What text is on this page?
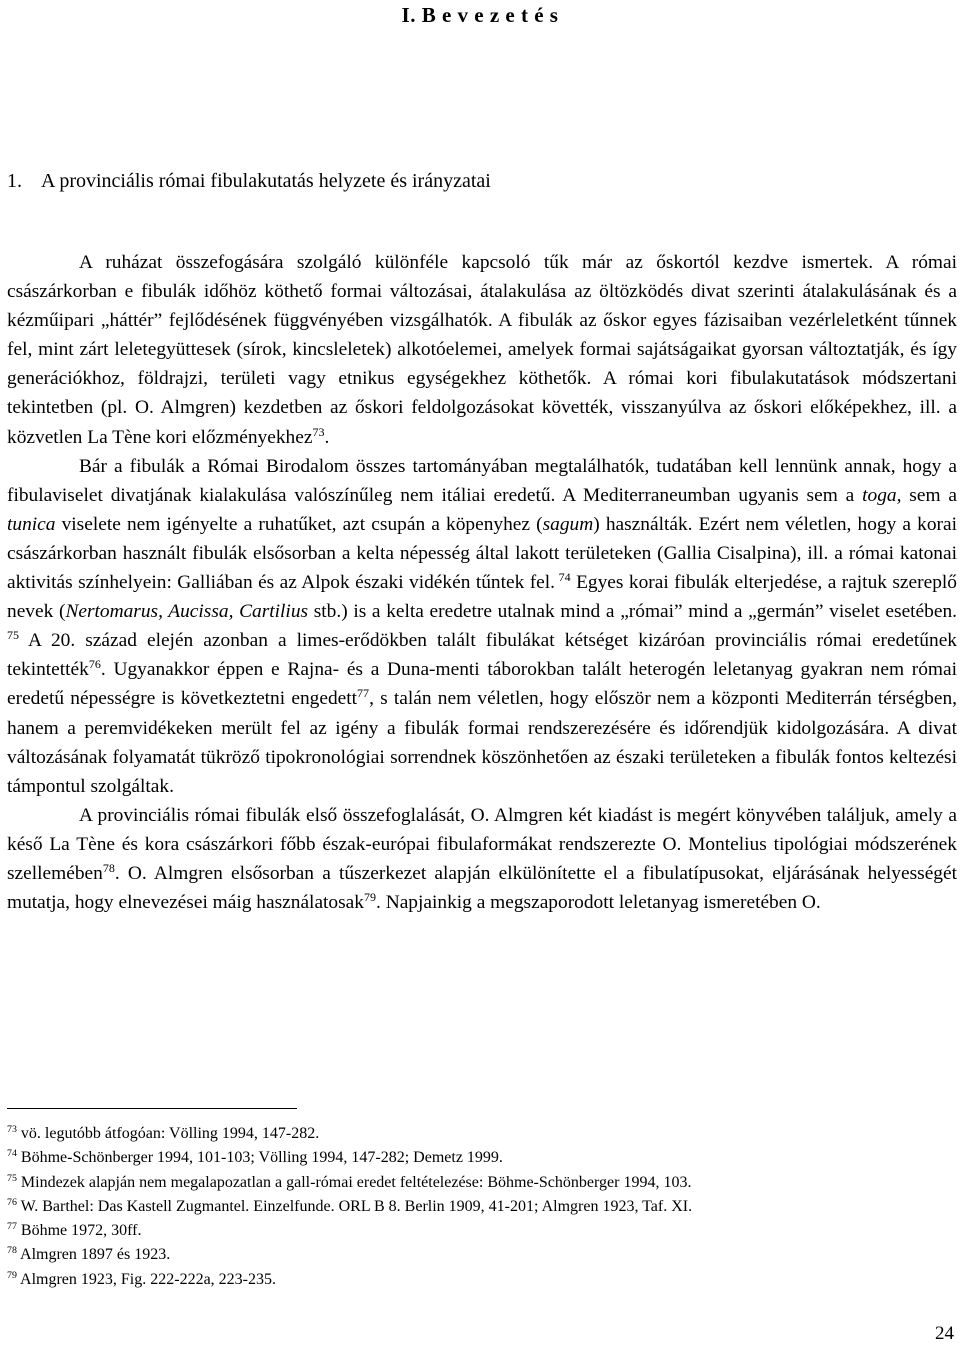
I. B e v e z e t é s
1. A provinciális római fibulakutatás helyzete és irányzatai

A ruházat összefogására szolgáló különféle kapcsoló tűk már az őskortól kezdve ismertek. A római császárkorban e fibulák időhöz köthető formai változásai, átalakulása az öltözködés divat szerinti átalakulásának és a kézműipari „háttér” fejlődésének függvényében vizsgálhatók. A fibulák az őskor egyes fázisaiban vezérleletként tűnnek fel, mint zárt leletegyüttesek (sírok, kincsleletek) alkotóelemei, amelyek formai sajátságaikat gyorsan változtatják, és így generációkhoz, földrajzi, területi vagy etnikus egységekhez köthetők. A római kori fibulakutatások módszertani tekintetben (pl. O. Almgren) kezdetben az őskori feldolgozásokat követték, visszanyúlva az őskori előképekhez, ill. a közvetlen La Tène kori előzményekhez$^{73}$.

Bár a fibulák a Római Birodalom összes tartományában megtalálhatók, tudatában kell lennünk annak, hogy a fibulaviselet divatjának kialakulása valószínűleg nem itáliai eredetű. A Mediterraneumban ugyanis sem a toga, sem a tunica viselete nem igényelte a ruhatűket, azt csupán a köpenyhez (sagum) használták. Ezért nem véletlen, hogy a korai császárkorban használt fibulák elsősorban a kelta népesség által lakott területeken (Gallia Cisalpina), ill. a római katonai aktivitás színhelyein: Galliában és az Alpok északi vidékén tűntek fel. $^{74}$ Egyes korai fibulák elterjedése, a rajtuk szereplő nevek (Nertomarus, Aucissa, Cartilius stb.) is a kelta eredetre utalnak mind a „római” mind a „germán” viselet esetében. $^{75}$ A 20. század elején azonban a limes-erődökben talált fibulákat kétséget kizáróan provinciális római eredetűnek tekintették$^{76}$. Ugyanakkor éppen e Rajna- és a Duna-menti táborokban talált heterogén leletanyag gyakran nem római eredetű népességre is következtetni engedett$^{77}$, s talán nem véletlen, hogy először nem a központi Mediterrán térségben, hanem a peremvidékeken merült fel az igény a fibulák formai rendszerezésére és időrendjük kidolgozására. A divat változásának folyamatát tükröző tipokronológiai sorrendnek köszönhetően az északi területeken a fibulák fontos keltezési támpontul szolgáltak.

A provinciális római fibulák első összefoglalását, O. Almgren két kiadást is megért könyvében találjuk, amely a késő La Tène és kora császárkori főbb észak-európai fibulaformákat rendszerezte O. Montelius tipológiai módszerének szellemében$^{78}$. O. Almgren elsősorban a tűszerkezet alapján elkülönítette el a fibulatípusokat, eljárásának helyességét mutatja, hogy elnevezései máig használatosak$^{79}$. Napjainkig a megszaporodott leletanyag ismeretében O.

$^{73}$ vö. legutóbb átfogóan: Völling 1994, 147-282.
$^{74}$ Böhme-Schönberger 1994, 101-103; Völling 1994, 147-282; Demetz 1999.
$^{75}$ Mindezek alapján nem megalapozatlan a gall-római eredet feltételezése: Böhme-Schönberger 1994, 103.
$^{76}$ W. Barthel: Das Kastell Zugmantel. Einzelfunde. ORL B 8. Berlin 1909, 41-201; Almgren 1923, Taf. XI.
$^{77}$ Böhme 1972, 30ff.
$^{78}$ Almgren 1897 és 1923.
$^{79}$ Almgren 1923, Fig. 222-222a, 223-235.
24
